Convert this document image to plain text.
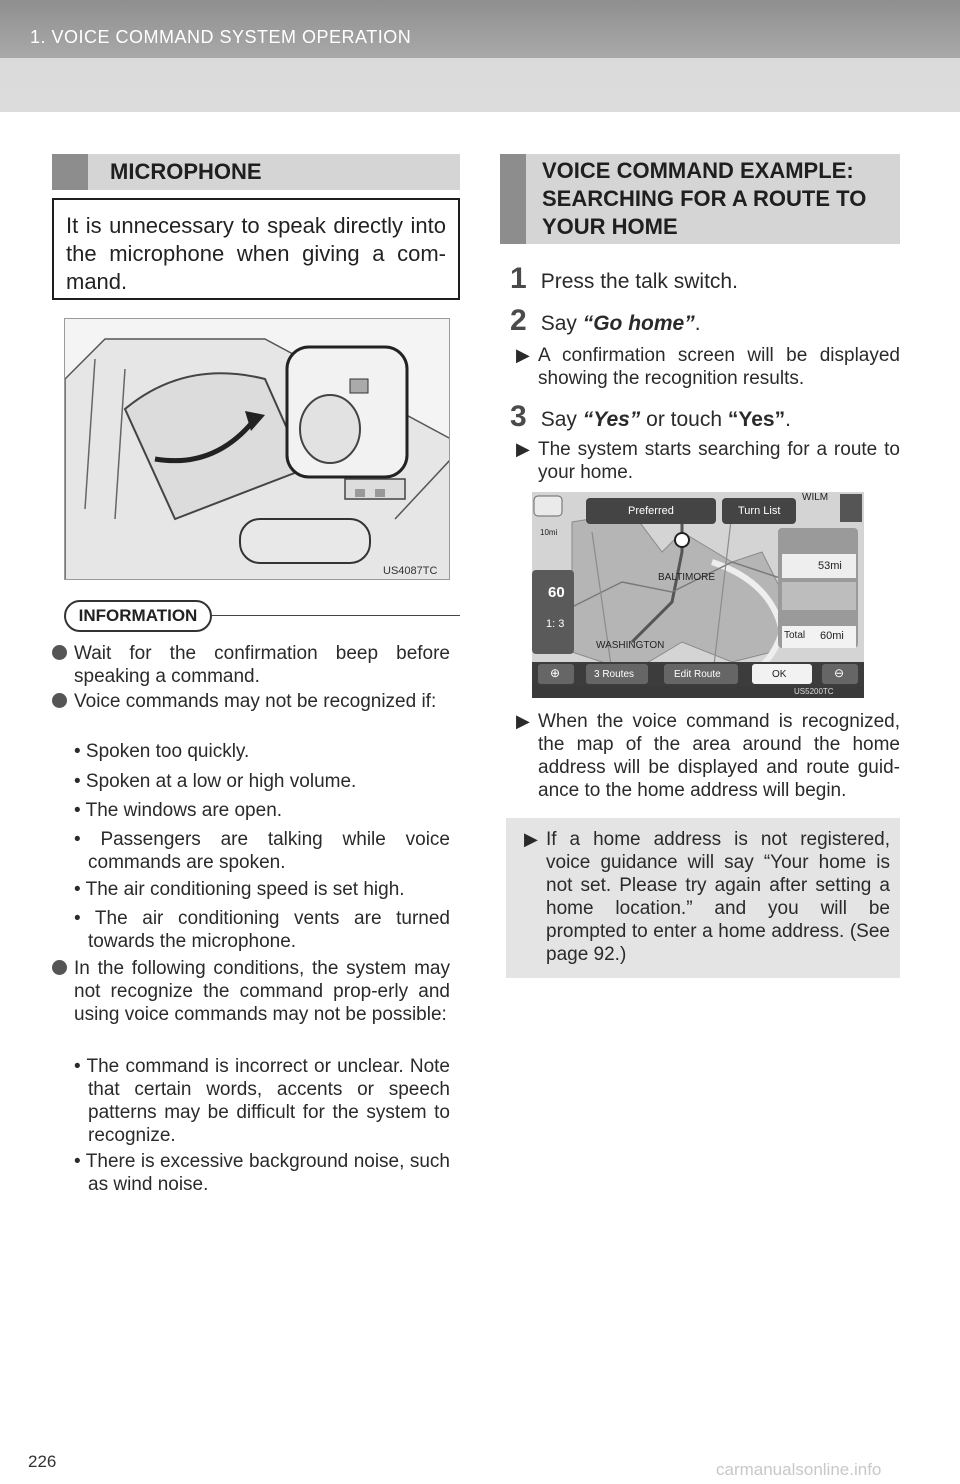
1. VOICE COMMAND SYSTEM OPERATION
MICROPHONE
It is unnecessary to speak directly into the microphone when giving a com-mand.
US4087TC
INFORMATION
Wait for the confirmation beep before speaking a command.
Voice commands may not be recognized if:
• Spoken too quickly.
• Spoken at a low or high volume.
• The windows are open.
• Passengers are talking while voice commands are spoken.
• The air conditioning speed is set high.
• The air conditioning vents are turned towards the microphone.
In the following conditions, the system may not recognize the command prop-erly and using voice commands may not be possible:
• The command is incorrect or unclear. Note that certain words, accents or speech patterns may be difficult for the system to recognize.
• There is excessive background noise, such as wind noise.
VOICE COMMAND EXAMPLE:
SEARCHING FOR A ROUTE TO
YOUR HOME
1 Press the talk switch.
2 Say “Go home”.
▶ A confirmation screen will be displayed showing the recognition results.
3 Say “Yes” or touch “Yes”.
▶ The system starts searching for a route to your home.
10mi
Preferred	Turn List
WILM
BALTIMORE
WASHINGTON
60
1: 3
53mi
Total 60mi
⊕	3 Routes	Edit Route	OK	⊖
US5200TC
▶ When the voice command is recognized, the map of the area around the home address will be displayed and route guid-ance to the home address will begin.
▶ If a home address is not registered, voice guidance will say “Your home is not set. Please try again after setting a home location.” and you will be prompted to enter a home address. (See page 92.)
226	carmanualsonline.info
